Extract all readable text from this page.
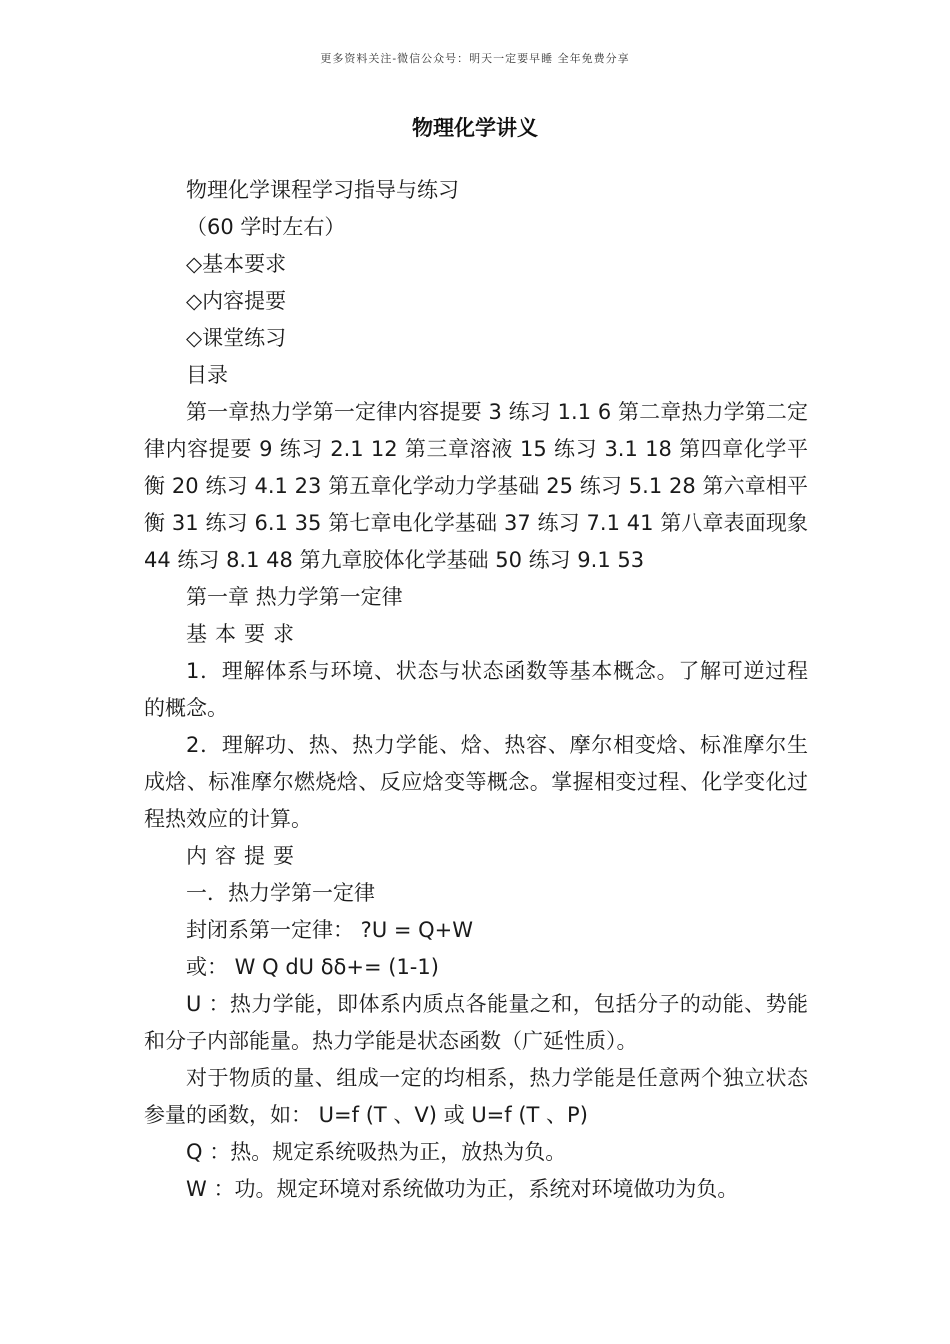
更多资料关注-微信公众号：明天一定要早睡 全年免费分享
物理化学讲义

物理化学课程学习指导与练习

（60 学时左右）

◇基本要求

◇内容提要

◇课堂练习

目录

第一章热力学第一定律内容提要 3 练习 1.1 6 第二章热力学第二定律内容提要 9 练习 2.1 12 第三章溶液 15 练习 3.1 18 第四章化学平衡 20 练习 4.1 23 第五章化学动力学基础 25 练习 5.1 28 第六章相平衡 31 练习 6.1 35 第七章电化学基础 37 练习 7.1 41 第八章表面现象 44 练习 8.1 48 第九章胶体化学基础 50 练习 9.1 53

第一章 热力学第一定律

基本要求

1．理解体系与环境、状态与状态函数等基本概念。了解可逆过程的概念。

2．理解功、热、热力学能、焓、热容、摩尔相变焓、标准摩尔生成焓、标准摩尔燃烧焓、反应焓变等概念。掌握相变过程、化学变化过程热效应的计算。

内容提要

一．热力学第一定律

封闭系第一定律： ?U = Q+W

或： W Q dU δδ+= (1-1)

U ：热力学能，即体系内质点各能量之和，包括分子的动能、势能和分子内部能量。热力学能是状态函数（广延性质）。

对于物质的量、组成一定的均相系，热力学能是任意两个独立状态参量的函数，如： U=f (T 、V) 或 U=f (T 、P)

Q ：热。规定系统吸热为正，放热为负。

W ：功。规定环境对系统做功为正，系统对环境做功为负。
